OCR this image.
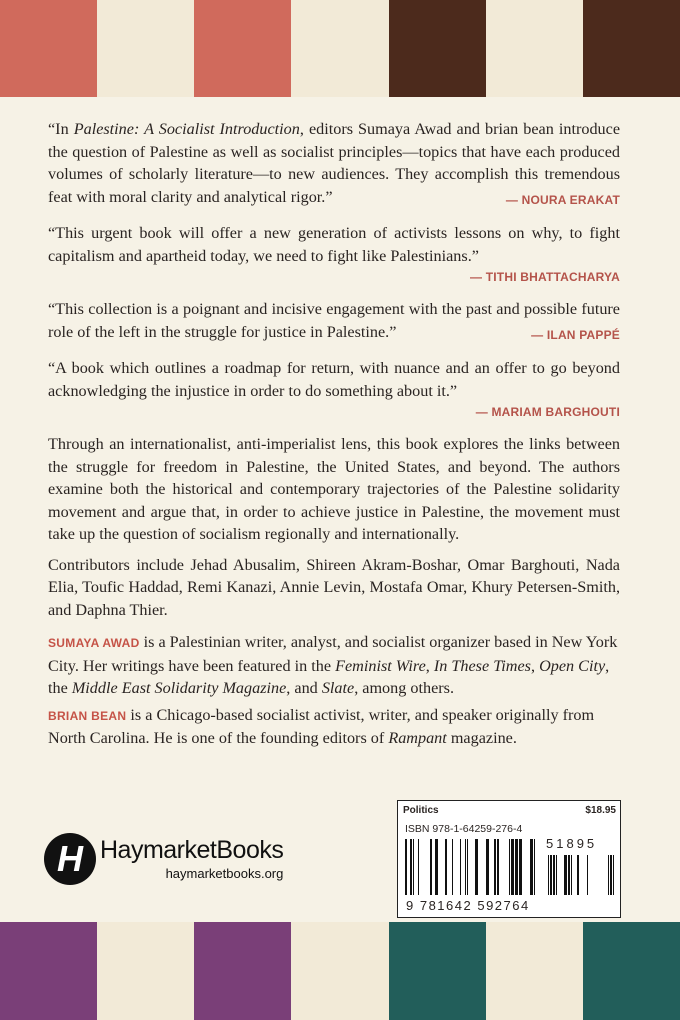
“In Palestine: A Socialist Introduction, editors Sumaya Awad and brian bean introduce the question of Palestine as well as socialist principles—topics that have each produced volumes of scholarly literature—to new audiences. They accomplish this tremendous feat with moral clarity and analytical rigor.”	— NOURA ERAKAT

“This urgent book will offer a new generation of activists lessons on why, to fight capitalism and apartheid today, we need to fight like Palestinians.”

— TITHI BHATTACHARYA

“This collection is a poignant and incisive engagement with the past and possible future role of the left in the struggle for justice in Palestine.”	— ILAN PAPPÉ

“A book which outlines a roadmap for return, with nuance and an offer to go beyond acknowledging the injustice in order to do something about it.”

— MARIAM BARGHOUTI

Through an internationalist, anti-imperialist lens, this book explores the links between the struggle for freedom in Palestine, the United States, and beyond. The authors examine both the historical and contemporary trajectories of the Palestine solidarity movement and argue that, in order to achieve justice in Palestine, the movement must take up the question of socialism regionally and internationally.

Contributors include Jehad Abusalim, Shireen Akram-Boshar, Omar Barghouti, Nada Elia, Toufic Haddad, Remi Kanazi, Annie Levin, Mostafa Omar, Khury Petersen-Smith, and Daphna Thier.

SUMAYA AWAD is a Palestinian writer, analyst, and socialist organizer based in New York City. Her writings have been featured in the Feminist Wire, In These Times, Open City, the Middle East Solidarity Magazine, and Slate, among others.

BRIAN BEAN is a Chicago-based socialist activist, writer, and speaker originally from North Carolina. He is one of the founding editors of Rampant magazine.

H HaymarketBooks
haymarketbooks.org
Politics	$18.95
ISBN 978-1-64259-276-4
51895
9 781642 592764
